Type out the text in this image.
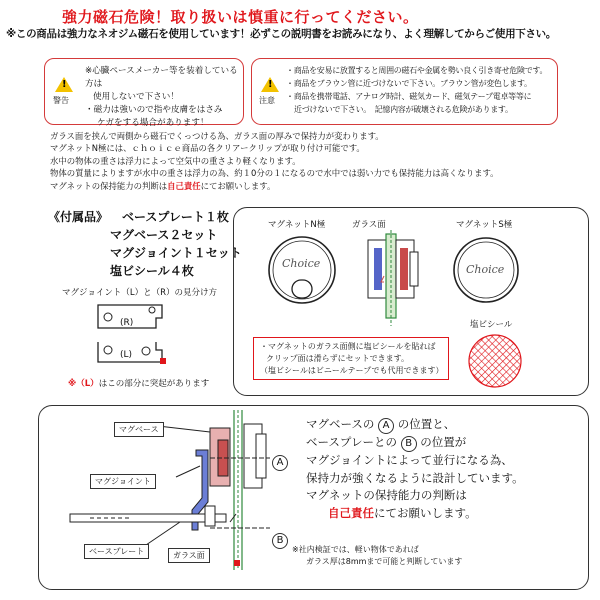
強力磁石危険！取り扱いは慎重に行ってください。
※この商品は強力なネオジム磁石を使用しています！必ずこの説明書をお読みになり、よく理解してからご使用下さい。
!
警告
※心臓ペースメーカー等を装着している方は
使用しないで下さい！
・磁力は強いので指や皮膚をはさみ
ケガをする場合があります！
!
注意
・商品を安易に放置すると周囲の磁石や金属を勢い良く引き寄せ危険です。
・商品をブラウン管に近づけないで下さい。ブラウン管が変色します。
・商品を携帯電話、アナログ時計、磁気カード、磁気テープ電卓等等に
近づけないで下さい。　記憶内容が破壊される危険があります。
ガラス面を挟んで両側から磁石でくっつける為、ガラス面の厚みで保持力が変わります。
マグネットN極には、ｃｈｏｉｃｅ商品の各クリアークリップが取り付け可能です。
水中の物体の重さは浮力によって空気中の重さより軽くなります。
物体の質量によりますが水中の重さは浮力の為、約１0分の１になるので水中では弱い力でも保持能力は高くなります。
マグネットの保持能力の判断は自己責任にてお願いします。
《付属品》 ベースプレート１枚
マグベース２セット
マグジョイント１セット
塩ビシール４枚
マグジョイント（L）と（R）の見分け方
(R)
(L)
※（L）はこの部分に突起があります
マグネットN極	ガラス面	マグネットS極
Choice	Choice
塩ビシール
・マグネットのガラス面側に塩ビシールを貼れば
クリップ面は滑らずにセットできます。
（塩ビシールはビニールテープでも代用できます）
マグベース
マグジョイント
ベースプレート	ガラス面
A
B
マグベースの A の位置と、
ベースプレーとの B の位置が
マグジョイントによって並行になる為、
保持力が強くなるように設計しています。
マグネットの保持能力の判断は
自己責任にてお願いします。
※社内検証では、軽い物体であれば
ガラス厚は8mmまで可能と判断しています
